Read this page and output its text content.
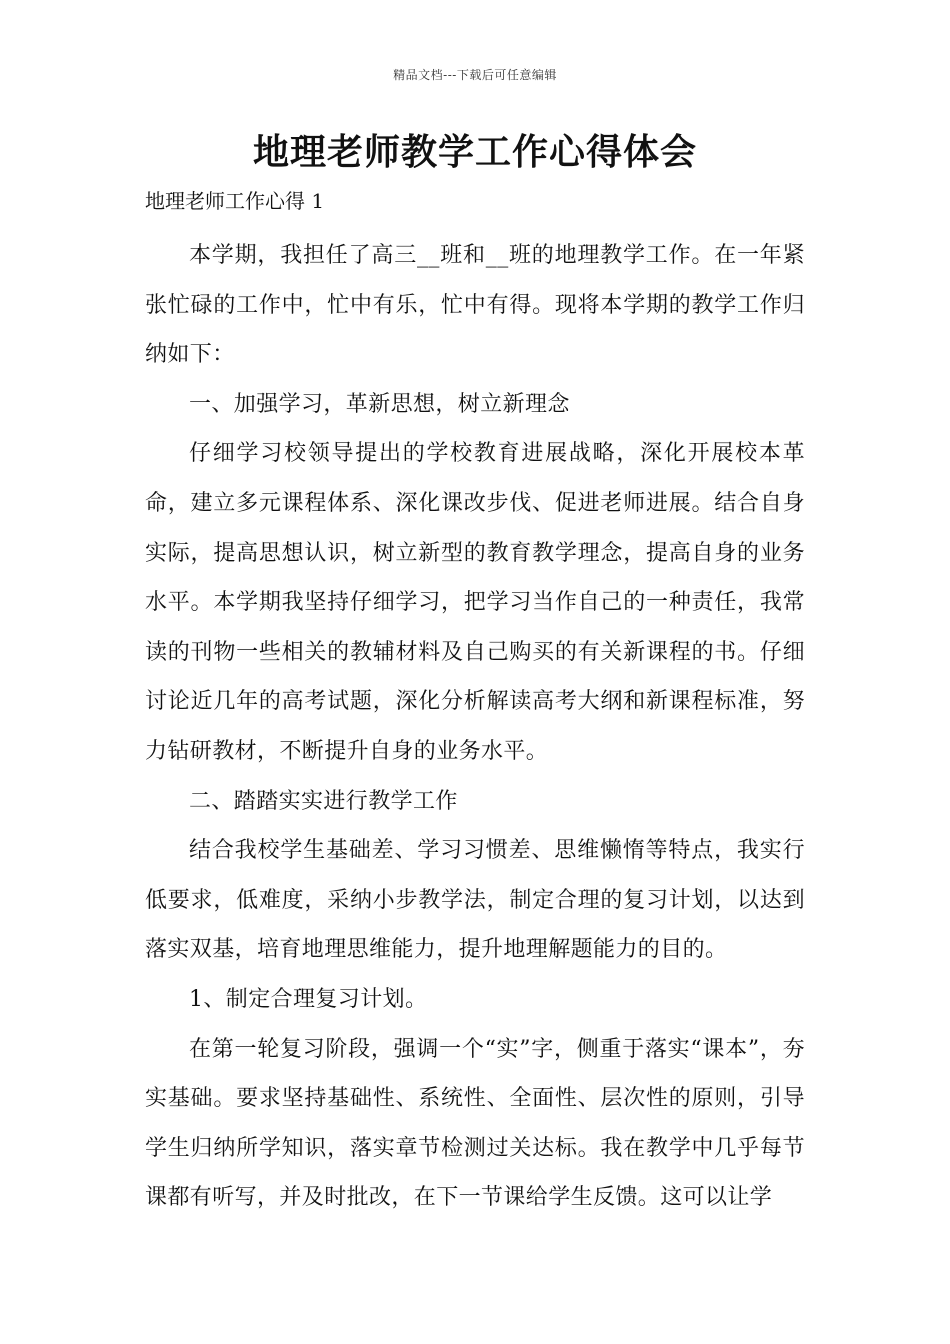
精品文档---下载后可任意编辑
地理老师教学工作心得体会
地理老师工作心得 1

本学期，我担任了高三__班和__班的地理教学工作。在一年紧张忙碌的工作中，忙中有乐，忙中有得。现将本学期的教学工作归纳如下：

一、加强学习，革新思想，树立新理念

仔细学习校领导提出的学校教育进展战略，深化开展校本革命，建立多元课程体系、深化课改步伐、促进老师进展。结合自身实际，提高思想认识，树立新型的教育教学理念，提高自身的业务水平。本学期我坚持仔细学习，把学习当作自己的一种责任，我常读的刊物一些相关的教辅材料及自己购买的有关新课程的书。仔细讨论近几年的高考试题，深化分析解读高考大纲和新课程标准，努力钻研教材，不断提升自身的业务水平。

二、踏踏实实进行教学工作

结合我校学生基础差、学习习惯差、思维懒惰等特点，我实行低要求，低难度，采纳小步教学法，制定合理的复习计划，以达到落实双基，培育地理思维能力，提升地理解题能力的目的。

1、制定合理复习计划。

在第一轮复习阶段，强调一个“实”字，侧重于落实“课本”，夯实基础。要求坚持基础性、系统性、全面性、层次性的原则，引导学生归纳所学知识，落实章节检测过关达标。我在教学中几乎每节课都有听写，并及时批改，在下一节课给学生反馈。这可以让学
